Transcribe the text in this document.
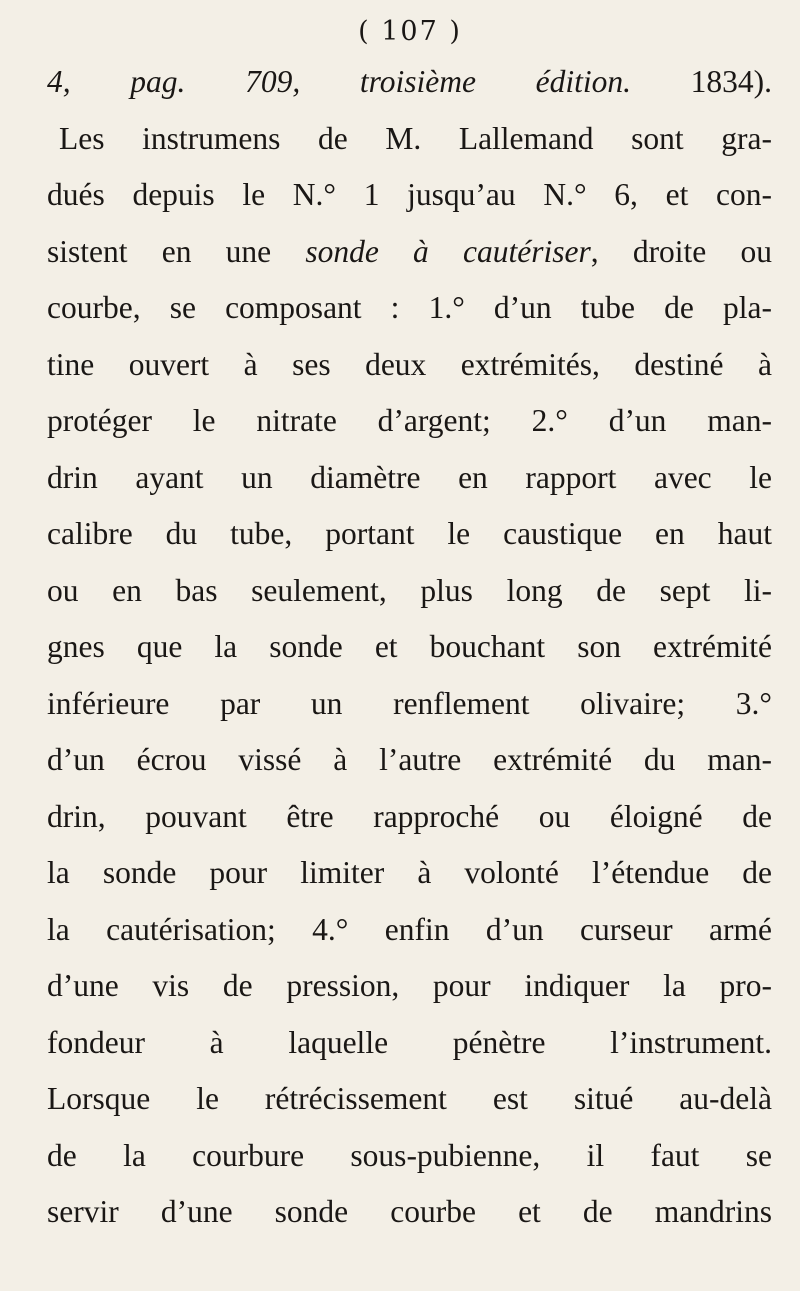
( 107 )
4, pag. 709, troisième édition. 1834).
Les instrumens de M. Lallemand sont gra-
dués depuis le N.° 1 jusqu’au N.° 6, et con-
sistent en une sonde à cautériser, droite ou
courbe, se composant : 1.° d’un tube de pla-
tine ouvert à ses deux extrémités, destiné à
protéger le nitrate d’argent; 2.° d’un man-
drin ayant un diamètre en rapport avec le
calibre du tube, portant le caustique en haut
ou en bas seulement, plus long de sept li-
gnes que la sonde et bouchant son extrémité
inférieure par un renflement olivaire; 3.°
d’un écrou vissé à l’autre extrémité du man-
drin, pouvant être rapproché ou éloigné de
la sonde pour limiter à volonté l’étendue de
la cautérisation; 4.° enfin d’un curseur armé
d’une vis de pression, pour indiquer la pro-
fondeur à laquelle pénètre l’instrument.
Lorsque le rétrécissement est situé au-delà
de la courbure sous-pubienne, il faut se
servir d’une sonde courbe et de mandrins
